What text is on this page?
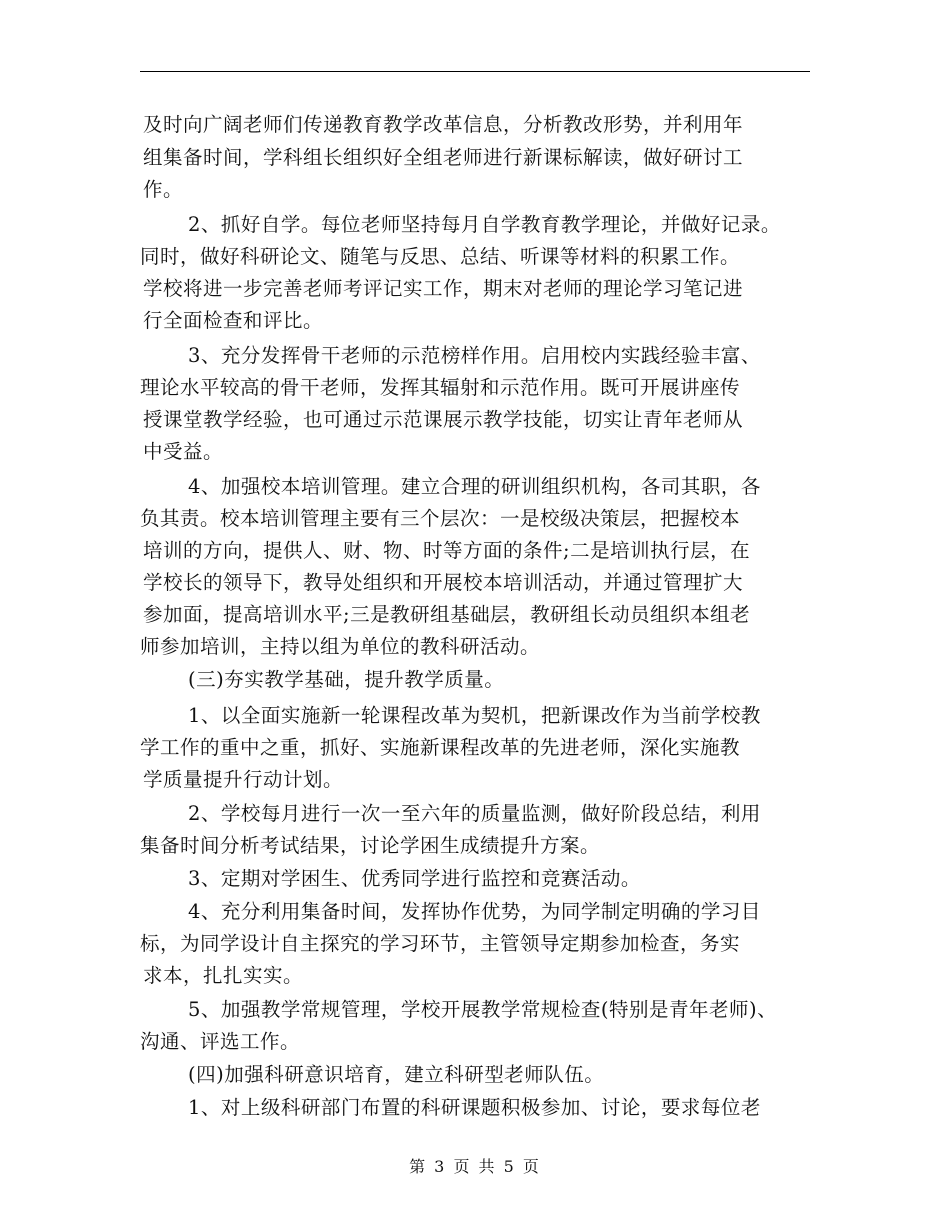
及时向广阔老师们传递教育教学改革信息，分析教改形势，并利用年
组集备时间，学科组长组织好全组老师进行新课标解读，做好研讨工
作。
2、抓好自学。每位老师坚持每月自学教育教学理论，并做好记录。
同时，做好科研论文、随笔与反思、总结、听课等材料的积累工作。
学校将进一步完善老师考评记实工作，期末对老师的理论学习笔记进
行全面检查和评比。
3、充分发挥骨干老师的示范榜样作用。启用校内实践经验丰富、
理论水平较高的骨干老师，发挥其辐射和示范作用。既可开展讲座传
授课堂教学经验，也可通过示范课展示教学技能，切实让青年老师从
中受益。
4、加强校本培训管理。建立合理的研训组织机构，各司其职，各
负其责。校本培训管理主要有三个层次：一是校级决策层，把握校本
培训的方向，提供人、财、物、时等方面的条件;二是培训执行层，在
学校长的领导下，教导处组织和开展校本培训活动，并通过管理扩大
参加面，提高培训水平;三是教研组基础层，教研组长动员组织本组老
师参加培训，主持以组为单位的教科研活动。
(三)夯实教学基础，提升教学质量。
1、以全面实施新一轮课程改革为契机，把新课改作为当前学校教
学工作的重中之重，抓好、实施新课程改革的先进老师，深化实施教
学质量提升行动计划。
2、学校每月进行一次一至六年的质量监测，做好阶段总结，利用
集备时间分析考试结果，讨论学困生成绩提升方案。
3、定期对学困生、优秀同学进行监控和竞赛活动。
4、充分利用集备时间，发挥协作优势，为同学制定明确的学习目
标，为同学设计自主探究的学习环节，主管领导定期参加检查，务实
求本，扎扎实实。
5、加强教学常规管理，学校开展教学常规检查(特别是青年老师)、
沟通、评选工作。
(四)加强科研意识培育，建立科研型老师队伍。
1、对上级科研部门布置的科研课题积极参加、讨论，要求每位老
第 3 页 共 5 页
